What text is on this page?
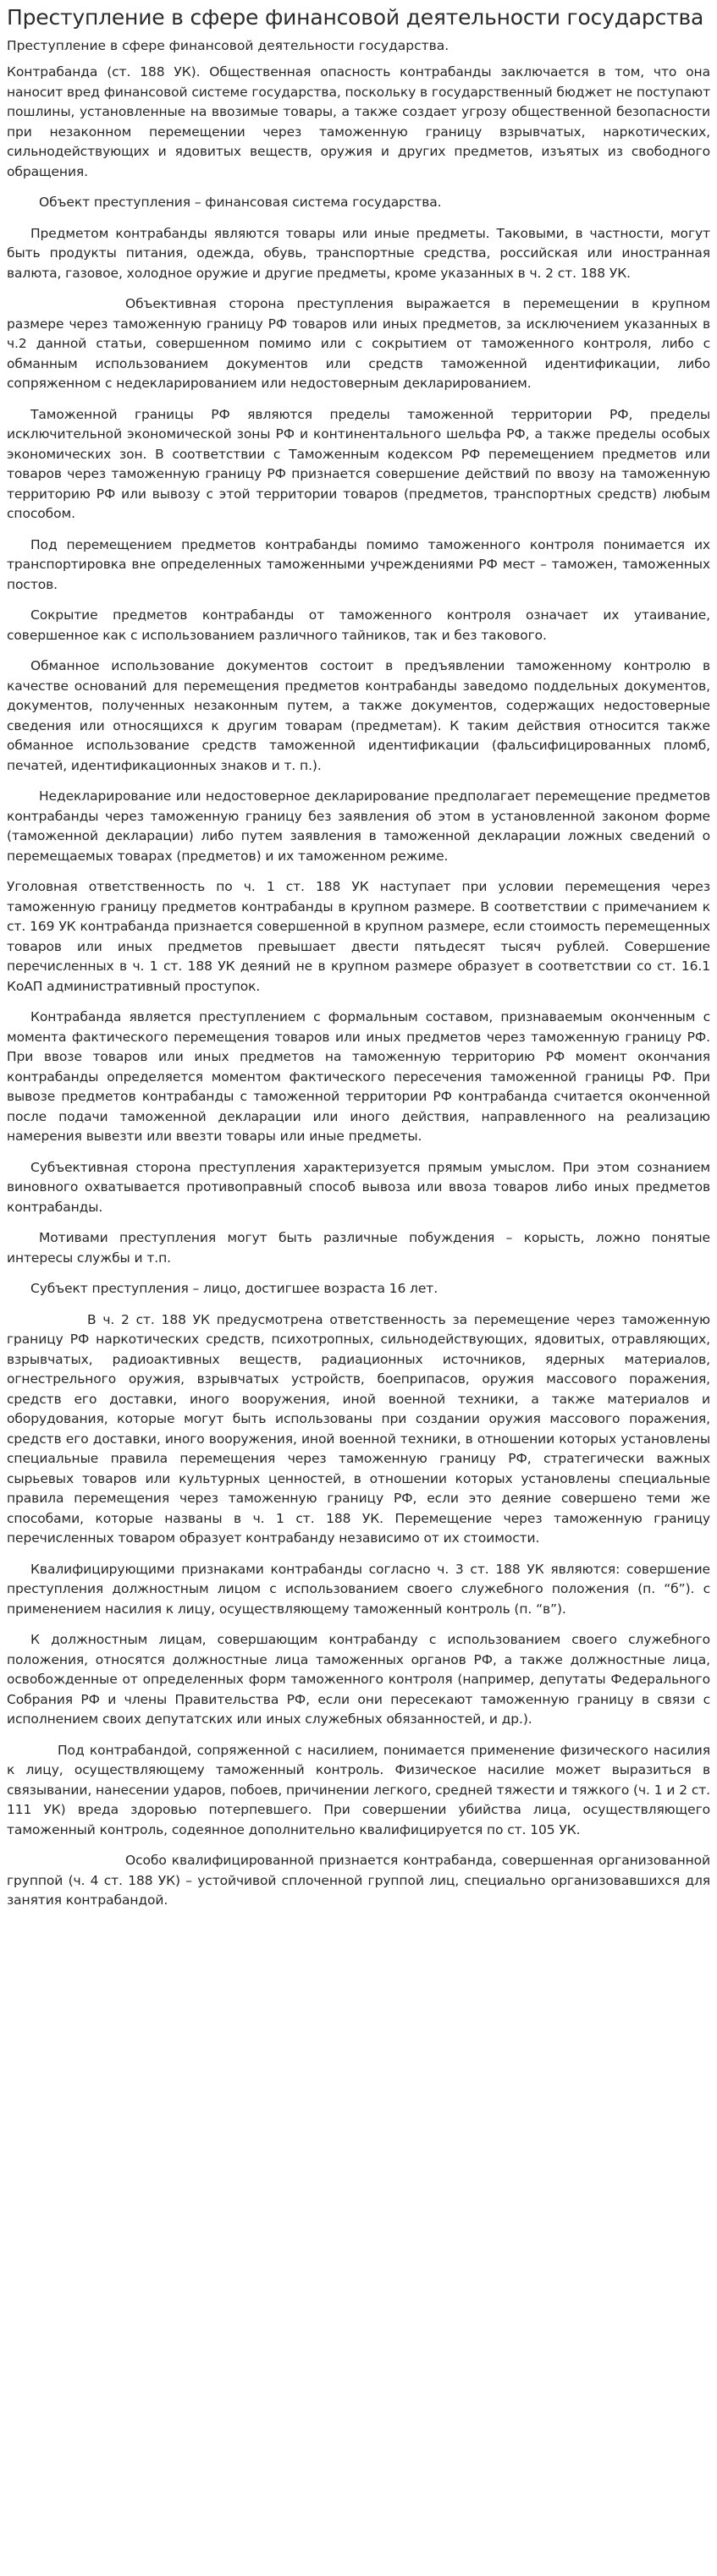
Преступление в сфере финансовой деятельности государства
Преступление в сфере финансовой деятельности государства.

Контрабанда (ст. 188 УК). Общественная опасность контрабанды заключается в том, что она наносит вред финансовой системе государства, поскольку в государственный бюджет не поступают пошлины, установленные на ввозимые товары, а также создает угрозу общественной безопасности при незаконном перемещении через таможенную границу взрывчатых, наркотических, сильнодействующих и ядовитых веществ, оружия и других предметов, изъятых из свободного обращения.

Объект преступления – финансовая система государства.

Предметом контрабанды являются товары или иные предметы. Таковыми, в частности, могут быть продукты питания, одежда, обувь, транспортные средства, российская или иностранная валюта, газовое, холодное оружие и другие предметы, кроме указанных в ч. 2 ст. 188 УК.

Объективная сторона преступления выражается в перемещении в крупном размере через таможенную границу РФ товаров или иных предметов, за исключением указанных в ч.2 данной статьи, совершенном помимо или с сокрытием от таможенного контроля, либо с обманным использованием документов или средств таможенной идентификации, либо сопряженном с недекларированием или недостоверным декларированием.

Таможенной границы РФ являются пределы таможенной территории РФ, пределы исключительной экономической зоны РФ и континентального шельфа РФ, а также пределы особых экономических зон. В соответствии с Таможенным кодексом РФ перемещением предметов или товаров через таможенную границу РФ признается совершение действий по ввозу на таможенную территорию РФ или вывозу с этой территории товаров (предметов, транспортных средств) любым способом.

Под перемещением предметов контрабанды помимо таможенного контроля понимается их транспортировка вне определенных таможенными учреждениями РФ мест – таможен, таможенных постов.

Сокрытие предметов контрабанды от таможенного контроля означает их утаивание, совершенное как с использованием различного тайников, так и без такового.

Обманное использование документов состоит в предъявлении таможенному контролю в качестве оснований для перемещения предметов контрабанды заведомо поддельных документов, документов, полученных незаконным путем, а также документов, содержащих недостоверные сведения или относящихся к другим товарам (предметам). К таким действия относится также обманное использование средств таможенной идентификации (фальсифицированных пломб, печатей, идентификационных знаков и т. п.).

Недекларирование или недостоверное декларирование предполагает перемещение предметов контрабанды через таможенную границу без заявления об этом в установленной законом форме (таможенной декларации) либо путем заявления в таможенной декларации ложных сведений о перемещаемых товарах (предметов) и их таможенном режиме.

Уголовная ответственность по ч. 1 ст. 188 УК наступает при условии перемещения через таможенную границу предметов контрабанды в крупном размере. В соответствии с примечанием к ст. 169 УК контрабанда признается совершенной в крупном размере, если стоимость перемещенных товаров или иных предметов превышает двести пятьдесят тысяч рублей. Совершение перечисленных в ч. 1 ст. 188 УК деяний не в крупном размере образует в соответствии со ст. 16.1 КоАП административный проступок.

Контрабанда является преступлением с формальным составом, признаваемым оконченным с момента фактического перемещения товаров или иных предметов через таможенную границу РФ. При ввозе товаров или иных предметов на таможенную территорию РФ момент окончания контрабанды определяется моментом фактического пересечения таможенной границы РФ. При вывозе предметов контрабанды с таможенной территории РФ контрабанда считается оконченной после подачи таможенной декларации или иного действия, направленного на реализацию намерения вывезти или ввезти товары или иные предметы.

Субъективная сторона преступления характеризуется прямым умыслом. При этом сознанием виновного охватывается противоправный способ вывоза или ввоза товаров либо иных предметов контрабанды.

Мотивами преступления могут быть различные побуждения – корысть, ложно понятые интересы службы и т.п.

Субъект преступления – лицо, достигшее возраста 16 лет.

В ч. 2 ст. 188 УК предусмотрена ответственность за перемещение через таможенную границу РФ наркотических средств, психотропных, сильнодействующих, ядовитых, отравляющих, взрывчатых, радиоактивных веществ, радиационных источников, ядерных материалов, огнестрельного оружия, взрывчатых устройств, боеприпасов, оружия массового поражения, средств его доставки, иного вооружения, иной военной техники, а также материалов и оборудования, которые могут быть использованы при создании оружия массового поражения, средств его доставки, иного вооружения, иной военной техники, в отношении которых установлены специальные правила перемещения через таможенную границу РФ, стратегически важных сырьевых товаров или культурных ценностей, в отношении которых установлены специальные правила перемещения через таможенную границу РФ, если это деяние совершено теми же способами, которые названы в ч. 1 ст. 188 УК. Перемещение через таможенную границу перечисленных товаром образует контрабанду независимо от их стоимости.

Квалифицирующими признаками контрабанды согласно ч. 3 ст. 188 УК являются: совершение преступления должностным лицом с использованием своего служебного положения (п. “б”). с применением насилия к лицу, осуществляющему таможенный контроль (п. “в”).

К должностным лицам, совершающим контрабанду с использованием своего служебного положения, относятся должностные лица таможенных органов РФ, а также должностные лица, освобожденные от определенных форм таможенного контроля (например, депутаты Федерального Собрания РФ и члены Правительства РФ, если они пересекают таможенную границу в связи с исполнением своих депутатских или иных служебных обязанностей, и др.).

Под контрабандой, сопряженной с насилием, понимается применение физического насилия к лицу, осуществляющему таможенный контроль. Физическое насилие может выразиться в связывании, нанесении ударов, побоев, причинении легкого, средней тяжести и тяжкого (ч. 1 и 2 ст. 111 УК) вреда здоровью потерпевшего. При совершении убийства лица, осуществляющего таможенный контроль, содеянное дополнительно квалифицируется по ст. 105 УК.

Особо квалифицированной признается контрабанда, совершенная организованной группой (ч. 4 ст. 188 УК) – устойчивой сплоченной группой лиц, специально организовавшихся для занятия контрабандой.
